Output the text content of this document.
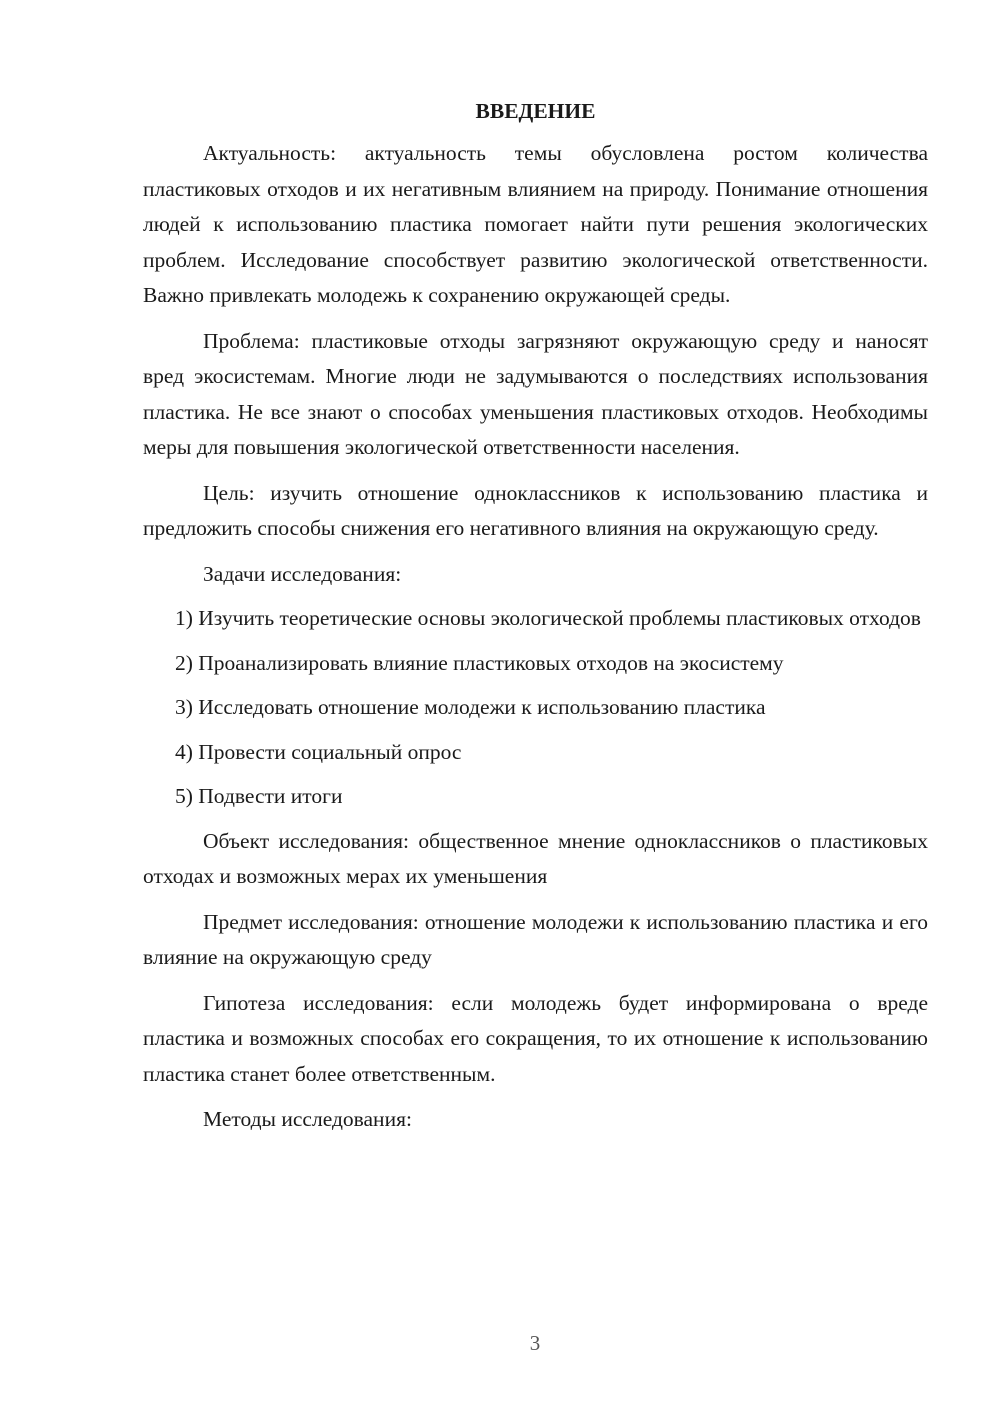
ВВЕДЕНИЕ

Актуальность: актуальность темы обусловлена ростом количества пластиковых отходов и их негативным влиянием на природу. Понимание отношения людей к использованию пластика помогает найти пути решения экологических проблем. Исследование способствует развитию экологической ответственности. Важно привлекать молодежь к сохранению окружающей среды.

Проблема: пластиковые отходы загрязняют окружающую среду и наносят вред экосистемам. Многие люди не задумываются о последствиях использования пластика. Не все знают о способах уменьшения пластиковых отходов. Необходимы меры для повышения экологической ответственности населения.

Цель: изучить отношение одноклассников к использованию пластика и предложить способы снижения его негативного влияния на окружающую среду.

Задачи исследования:

1) Изучить теоретические основы экологической проблемы пластиковых отходов

2) Проанализировать влияние пластиковых отходов на экосистему

3) Исследовать отношение молодежи к использованию пластика

4) Провести социальный опрос

5) Подвести итоги

Объект исследования: общественное мнение одноклассников о пластиковых отходах и возможных мерах их уменьшения

Предмет исследования: отношение молодежи к использованию пластика и его влияние на окружающую среду

Гипотеза исследования: если молодежь будет информирована о вреде пластика и возможных способах его сокращения, то их отношение к использованию пластика станет более ответственным.

Методы исследования:

3
